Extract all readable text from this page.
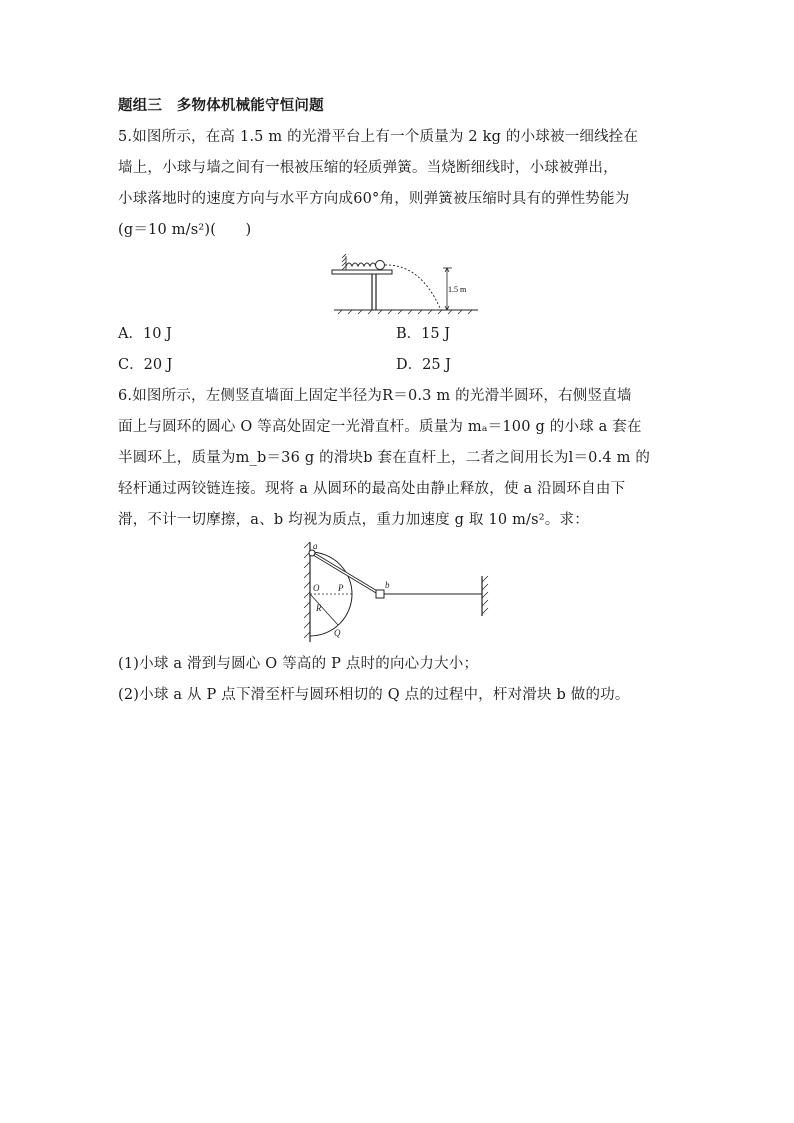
题组三　多物体机械能守恒问题
5.如图所示，在高 1.5 m 的光滑平台上有一个质量为 2 kg 的小球被一细线拴在
墙上，小球与墙之间有一根被压缩的轻质弹簧。当烧断细线时，小球被弹出，
小球落地时的速度方向与水平方向成60°角，则弹簧被压缩时具有的弹性势能为
(g＝10 m/s²)(　　)
1.5 m
A．10 J	B．15 J
C．20 J	D．25 J
6.如图所示，左侧竖直墙面上固定半径为R＝0.3 m 的光滑半圆环，右侧竖直墙
面上与圆环的圆心 O 等高处固定一光滑直杆。质量为 mₐ＝100 g 的小球 a 套在
半圆环上，质量为m_b＝36 g 的滑块b 套在直杆上，二者之间用长为l＝0.4 m 的
轻杆通过两铰链连接。现将 a 从圆环的最高处由静止释放，使 a 沿圆环自由下
滑，不计一切摩擦，a、b 均视为质点，重力加速度 g 取 10 m/s²。求：
a
O P
R
Q
b
(1)小球 a 滑到与圆心 O 等高的 P 点时的向心力大小；
(2)小球 a 从 P 点下滑至杆与圆环相切的 Q 点的过程中，杆对滑块 b 做的功。
